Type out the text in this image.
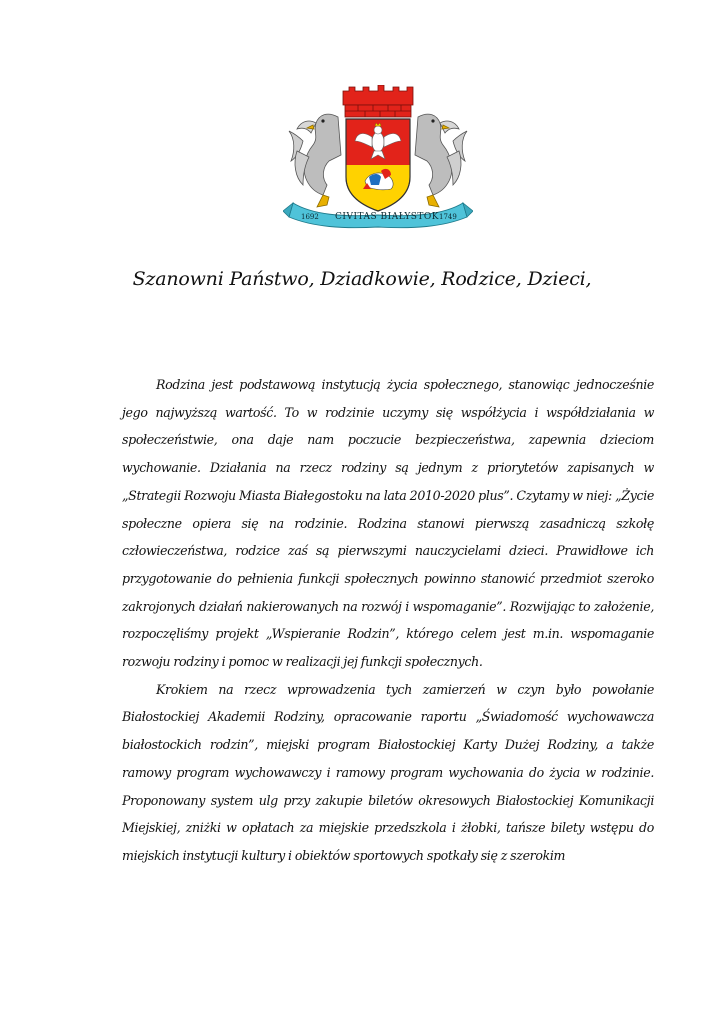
1692 CIVITAS BIAŁYSTOK 1749
Szanowni Państwo, Dziadkowie, Rodzice, Dzieci,

Rodzina jest podstawową instytucją życia społecznego, stanowiąc jednocześnie jego najwyższą wartość. To w rodzinie uczymy się współżycia i współdziałania w społeczeństwie, ona daje nam poczucie bezpieczeństwa, zapewnia dzieciom wychowanie. Działania na rzecz rodziny są jednym z priorytetów zapisanych w „Strategii Rozwoju Miasta Białegostoku na lata 2010-2020 plus”. Czytamy w niej: „Życie społeczne opiera się na rodzinie. Rodzina stanowi pierwszą zasadniczą szkołę człowieczeństwa, rodzice zaś są pierwszymi nauczycielami dzieci. Prawidłowe ich przygotowanie do pełnienia funkcji społecznych powinno stanowić przedmiot szeroko zakrojonych działań nakierowanych na rozwój i wspomaganie”. Rozwijając to założenie, rozpoczęliśmy projekt „Wspieranie Rodzin”, którego celem jest m.in. wspomaganie rozwoju rodziny i pomoc w realizacji jej funkcji społecznych.

Krokiem na rzecz wprowadzenia tych zamierzeń w czyn było powołanie Białostockiej Akademii Rodziny, opracowanie raportu „Świadomość wychowawcza białostockich rodzin”, miejski program Białostockiej Karty Dużej Rodziny, a także ramowy program wychowawczy i ramowy program wychowania do życia w rodzinie. Proponowany system ulg przy zakupie biletów okresowych Białostockiej Komunikacji Miejskiej, zniżki w opłatach za miejskie przedszkola i żłobki, tańsze bilety wstępu do miejskich instytucji kultury i obiektów sportowych spotkały się z szerokim
